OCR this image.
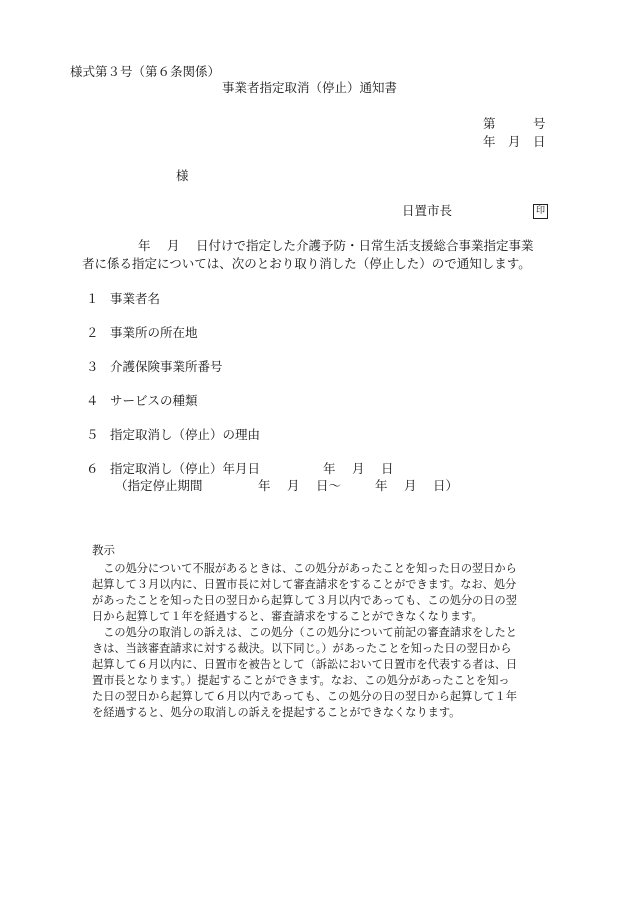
様式第３号（第６条関係）
事業者指定取消（停止）通知書
第　　　号
年　月　日
様
日置市長	印
年　 月　 日付けで指定した介護予防・日常生活支援総合事業指定事業
者に係る指定については、次のとおり取り消した（停止した）ので通知します。
１ 事業者名
２ 事業所の所在地
３ 介護保険事業所番号
４ サービスの種類
５ 指定取消し（停止）の理由
６ 指定取消し（停止）年月日	年　 月　 日
（指定停止期間	年　 月　 日～	年　 月　 日）
教示
　この処分について不服があるときは、この処分があったことを知った日の翌日から
起算して３月以内に、日置市長に対して審査請求をすることができます。なお、処分
があったことを知った日の翌日から起算して３月以内であっても、この処分の日の翌
日から起算して１年を経過すると、審査請求をすることができなくなります。
　この処分の取消しの訴えは、この処分（この処分について前記の審査請求をしたと
きは、当該審査請求に対する裁決。以下同じ。）があったことを知った日の翌日から
起算して６月以内に、日置市を被告として（訴訟において日置市を代表する者は、日
置市長となります。）提起することができます。なお、この処分があったことを知っ
た日の翌日から起算して６月以内であっても、この処分の日の翌日から起算して１年
を経過すると、処分の取消しの訴えを提起することができなくなります。
